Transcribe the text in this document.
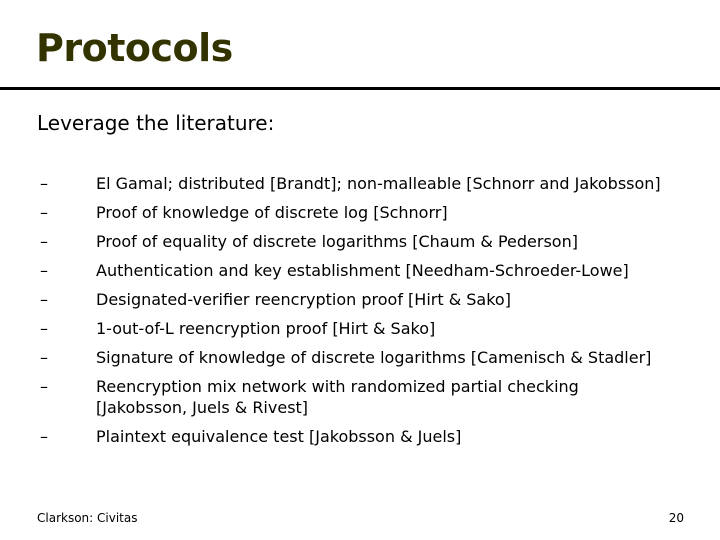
Protocols
Leverage the literature:
–	El Gamal; distributed [Brandt]; non-malleable [Schnorr and Jakobsson]
–	Proof of knowledge of discrete log [Schnorr]
–	Proof of equality of discrete logarithms [Chaum & Pederson]
–	Authentication and key establishment [Needham-Schroeder-Lowe]
–	Designated-verifier reencryption proof [Hirt & Sako]
–	1-out-of-L reencryption proof [Hirt & Sako]
–	Signature of knowledge of discrete logarithms [Camenisch & Stadler]
–	Reencryption mix network with randomized partial checking [Jakobsson, Juels & Rivest]
–	Plaintext equivalence test [Jakobsson & Juels]
Clarkson: Civitas	20
